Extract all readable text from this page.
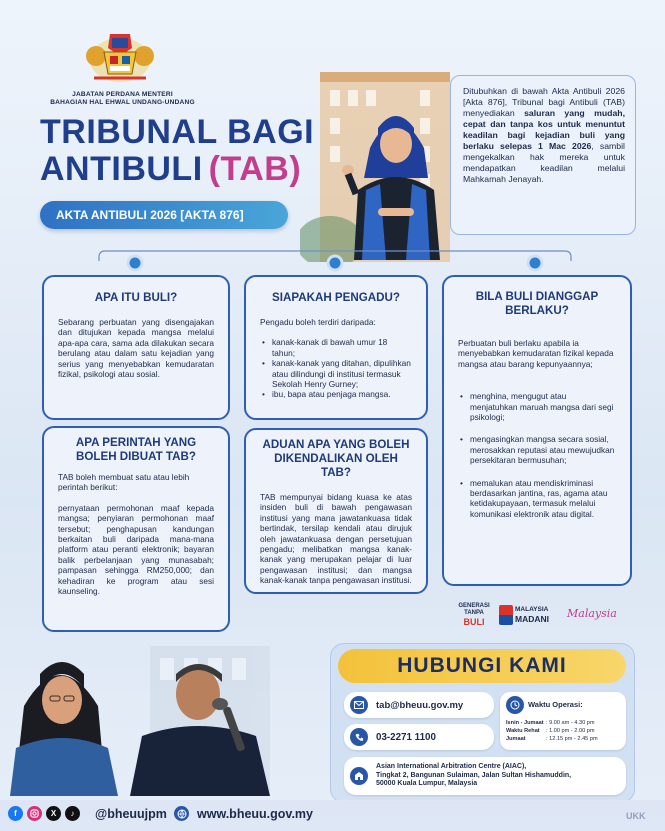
JABATAN PERDANA MENTERI
BAHAGIAN HAL EHWAL UNDANG-UNDANG
TRIBUNAL BAGI
ANTIBULI (TAB)
AKTA ANTIBULI 2026 [AKTA 876]
Ditubuhkan di bawah Akta Antibuli 2026 [Akta 876], Tribunal bagi Antibuli (TAB) menyediakan saluran yang mudah, cepat dan tanpa kos untuk menuntut keadilan bagi kejadian buli yang berlaku selepas 1 Mac 2026, sambil mengekalkan hak mereka untuk mendapatkan keadilan melalui Mahkamah Jenayah.
APA ITU BULI?

Sebarang perbuatan yang disengajakan dan ditujukan kepada mangsa melalui apa-apa cara, sama ada dilakukan secara berulang atau dalam satu kejadian yang serius yang menyebabkan kemudaratan fizikal, psikologi atau sosial.

SIAPAKAH PENGADU?

Pengadu boleh terdiri daripada:

• kanak-kanak di bawah umur 18 tahun;
• kanak-kanak yang ditahan, dipulihkan atau dilindungi di institusi termasuk Sekolah Henry Gurney;
• ibu, bapa atau penjaga mangsa.
BILA BULI DIANGGAP BERLAKU?

Perbuatan buli berlaku apabila ia menyebabkan kemudaratan fizikal kepada mangsa atau barang kepunyaannya;

• menghina, mengugut atau menjatuhkan maruah mangsa dari segi psikologi;
• mengasingkan mangsa secara sosial, merosakkan reputasi atau mewujudkan persekitaran bermusuhan;
• memalukan atau mendiskriminasi berdasarkan jantina, ras, agama atau ketidakupayaan, termasuk melalui komunikasi elektronik atau digital.
APA PERINTAH YANG BOLEH DIBUAT TAB?

TAB boleh membuat satu atau lebih perintah berikut:

pernyataan permohonan maaf kepada mangsa; penyiaran permohonan maaf tersebut; penghapusan kandungan berkaitan buli daripada mana-mana platform atau peranti elektronik; bayaran balik perbelanjaan yang munasabah; pampasan sehingga RM250,000; dan kehadiran ke program atau sesi kaunseling.

ADUAN APA YANG BOLEH DIKENDALIKAN OLEH TAB?

TAB mempunyai bidang kuasa ke atas insiden buli di bawah pengawasan institusi yang mana jawatankuasa tidak bertindak, tersilap kendali atau dirujuk oleh jawatankuasa dengan persetujuan pengadu; melibatkan mangsa kanak-kanak yang merupakan pelajar di luar pengawasan institusi; dan mangsa kanak-kanak tanpa pengawasan institusi.

GENERASI
TANPA
BULI
MALAYSIA
MADANI Malaysia
HUBUNGI KAMI
tab@bheuu.gov.my
03-2271 1100
Waktu Operasi:
Isnin - Jumaat : 9.00 am - 4.30 pm
Waktu Rehat	: 1.00 pm - 2.00 pm
Jumaat	: 12.15 pm - 2.45 pm
Asian International Arbitration Centre (AIAC),
Tingkat 2, Bangunan Sulaiman, Jalan Sultan Hishamuddin,
50000 Kuala Lumpur, Malaysia
f	X	♪	@bheuujpm www.bheuu.gov.my	UKK
